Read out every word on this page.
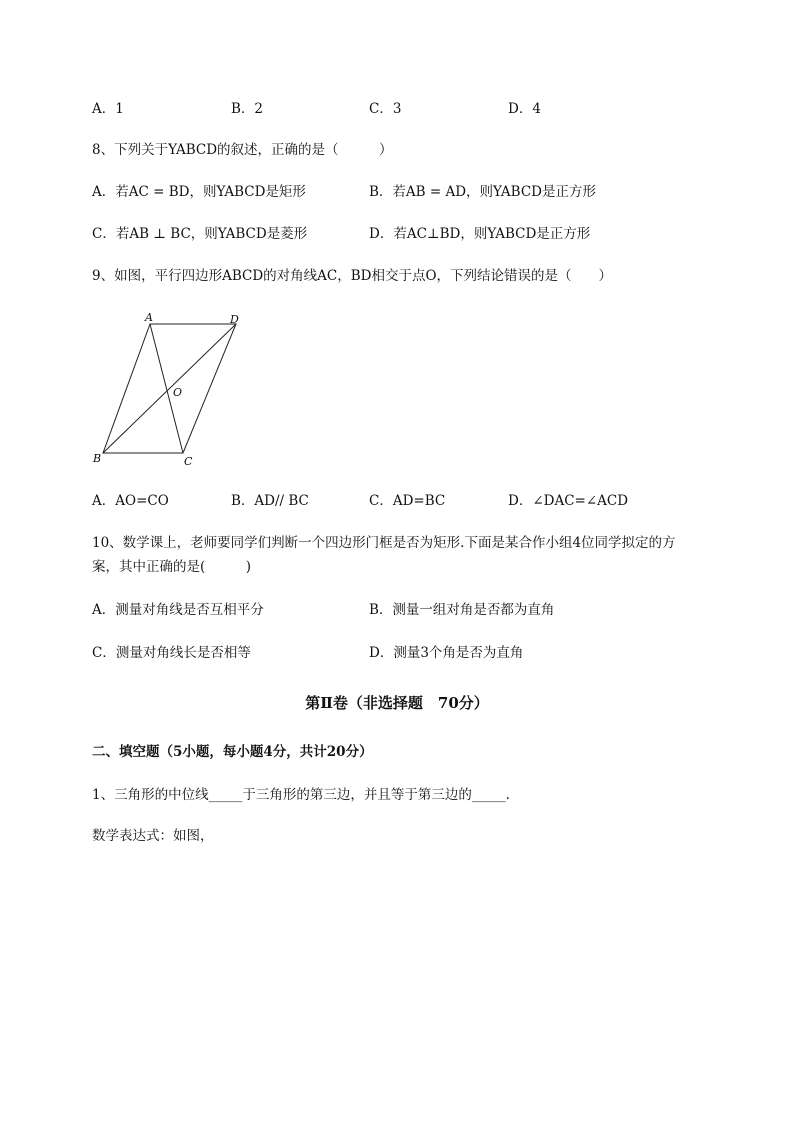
A．1	B．2	C．3	D．4
8、下列关于YABCD的叙述，正确的是（　　　）
A．若AC = BD，则YABCD是矩形	B．若AB = AD，则YABCD是正方形
C．若AB ⊥ BC，则YABCD是菱形	D．若AC⊥BD，则YABCD是正方形
9、如图，平行四边形ABCD的对角线AC，BD相交于点O，下列结论错误的是（　　）
A	D
O
B	C
A．AO=CO	B．AD// BC	C．AD=BC	D．∠DAC=∠ACD
10、数学课上，老师要同学们判断一个四边形门框是否为矩形.下面是某合作小组4位同学拟定的方
案，其中正确的是(　　　)
A．测量对角线是否互相平分	B．测量一组对角是否都为直角
C．测量对角线长是否相等	D．测量3个角是否为直角
第Ⅱ卷（非选择题　70分）
二、填空题（5小题，每小题4分，共计20分）
1、三角形的中位线_____于三角形的第三边，并且等于第三边的_____.
数学表达式：如图，
